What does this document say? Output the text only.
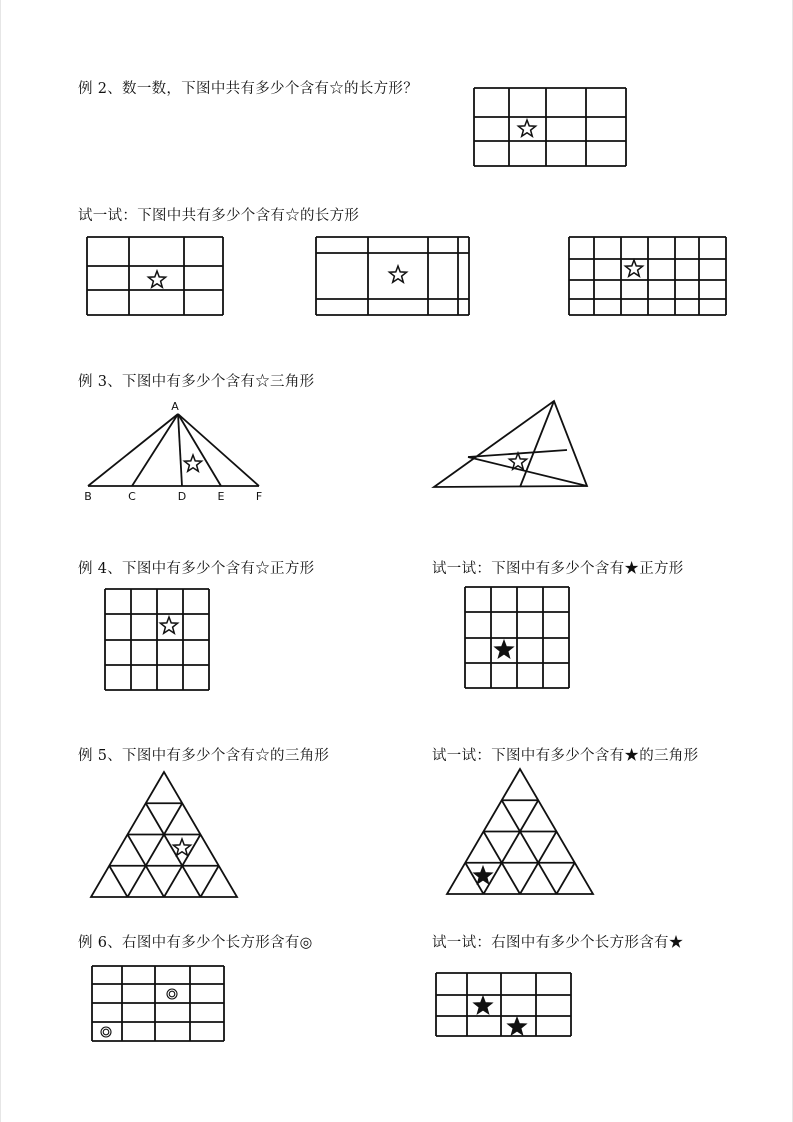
例 2、数一数，下图中共有多少个含有☆的长方形？
试一试：下图中共有多少个含有☆的长方形
例 3、下图中有多少个含有☆三角形
例 4、下图中有多少个含有☆正方形	试一试：下图中有多少个含有★正方形
例 5、下图中有多少个含有☆的三角形	试一试：下图中有多少个含有★的三角形
例 6、右图中有多少个长方形含有◎	试一试：右图中有多少个长方形含有★
B	C	D	E	F
A
